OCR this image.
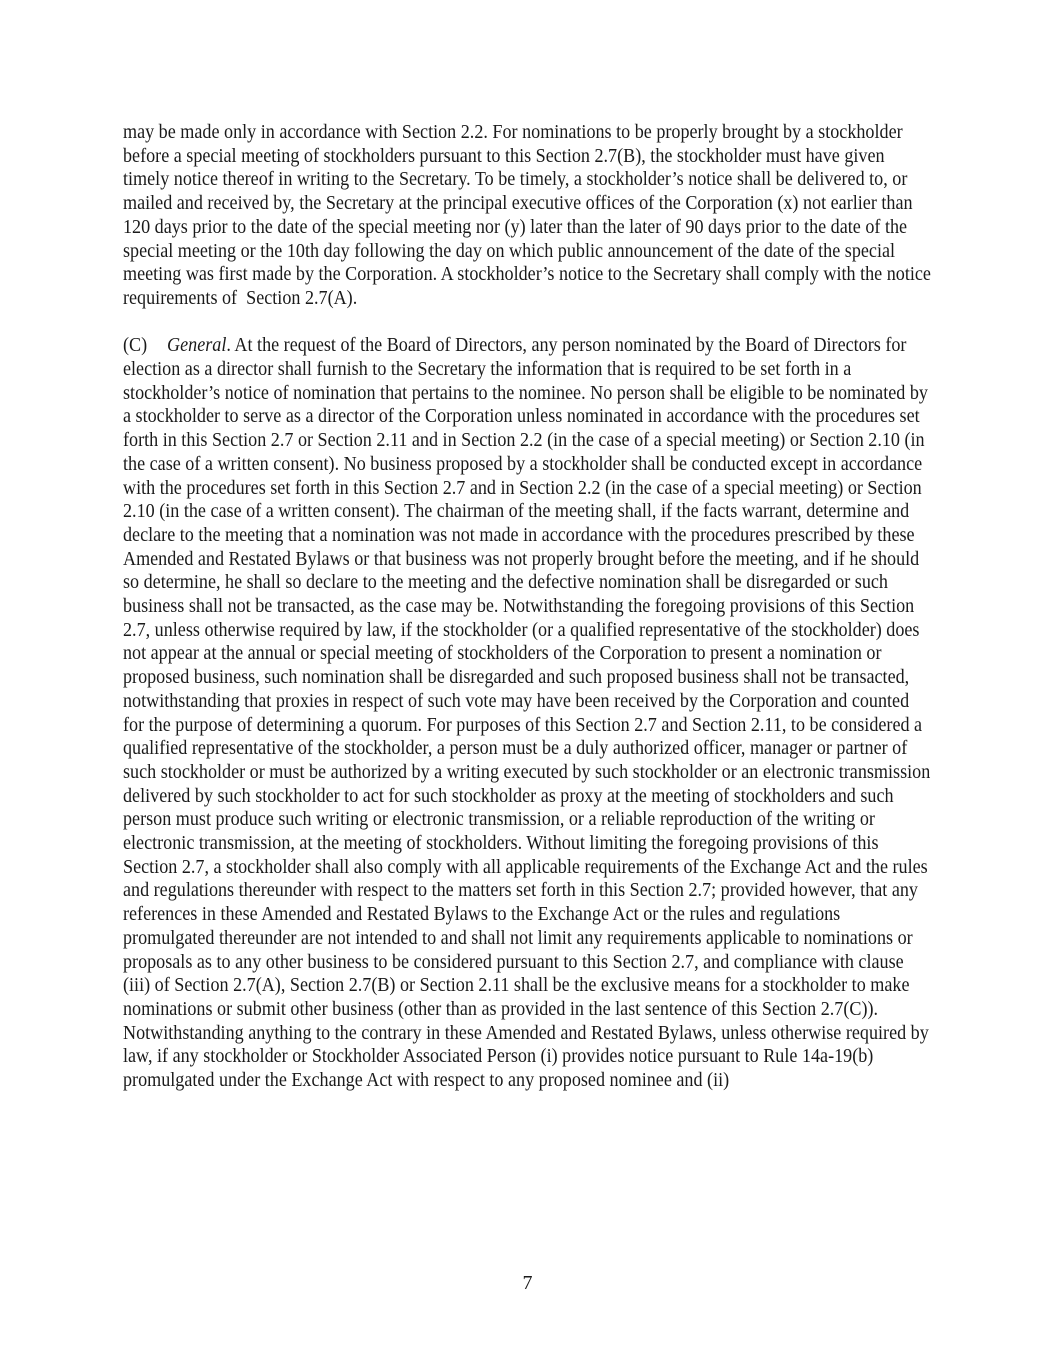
may be made only in accordance with Section 2.2. For nominations to be properly brought by a stockholder before a special meeting of stockholders pursuant to this Section 2.7(B), the stockholder must have given timely notice thereof in writing to the Secretary. To be timely, a stockholder’s notice shall be delivered to, or mailed and received by, the Secretary at the principal executive offices of the Corporation (x) not earlier than 120 days prior to the date of the special meeting nor (y) later than the later of 90 days prior to the date of the special meeting or the 10th day following the day on which public announcement of the date of the special meeting was first made by the Corporation. A stockholder’s notice to the Secretary shall comply with the notice requirements of  Section 2.7(A).

(C) General. At the request of the Board of Directors, any person nominated by the Board of Directors for election as a director shall furnish to the Secretary the information that is required to be set forth in a stockholder’s notice of nomination that pertains to the nominee. No person shall be eligible to be nominated by a stockholder to serve as a director of the Corporation unless nominated in accordance with the procedures set forth in this Section 2.7 or Section 2.11 and in Section 2.2 (in the case of a special meeting) or Section 2.10 (in the case of a written consent). No business proposed by a stockholder shall be conducted except in accordance with the procedures set forth in this Section 2.7 and in Section 2.2 (in the case of a special meeting) or Section 2.10 (in the case of a written consent). The chairman of the meeting shall, if the facts warrant, determine and declare to the meeting that a nomination was not made in accordance with the procedures prescribed by these Amended and Restated Bylaws or that business was not properly brought before the meeting, and if he should so determine, he shall so declare to the meeting and the defective nomination shall be disregarded or such business shall not be transacted, as the case may be. Notwithstanding the foregoing provisions of this Section 2.7, unless otherwise required by law, if the stockholder (or a qualified representative of the stockholder) does not appear at the annual or special meeting of stockholders of the Corporation to present a nomination or proposed business, such nomination shall be disregarded and such proposed business shall not be transacted, notwithstanding that proxies in respect of such vote may have been received by the Corporation and counted for the purpose of determining a quorum. For purposes of this Section 2.7 and Section 2.11, to be considered a qualified representative of the stockholder, a person must be a duly authorized officer, manager or partner of such stockholder or must be authorized by a writing executed by such stockholder or an electronic transmission delivered by such stockholder to act for such stockholder as proxy at the meeting of stockholders and such person must produce such writing or electronic transmission, or a reliable reproduction of the writing or electronic transmission, at the meeting of stockholders. Without limiting the foregoing provisions of this Section 2.7, a stockholder shall also comply with all applicable requirements of the Exchange Act and the rules and regulations thereunder with respect to the matters set forth in this Section 2.7; provided however, that any references in these Amended and Restated Bylaws to the Exchange Act or the rules and regulations promulgated thereunder are not intended to and shall not limit any requirements applicable to nominations or proposals as to any other business to be considered pursuant to this Section 2.7, and compliance with clause (iii) of Section 2.7(A), Section 2.7(B) or Section 2.11 shall be the exclusive means for a stockholder to make nominations or submit other business (other than as provided in the last sentence of this Section 2.7(C)). Notwithstanding anything to the contrary in these Amended and Restated Bylaws, unless otherwise required by law, if any stockholder or Stockholder Associated Person (i) provides notice pursuant to Rule 14a-19(b) promulgated under the Exchange Act with respect to any proposed nominee and (ii)

7
